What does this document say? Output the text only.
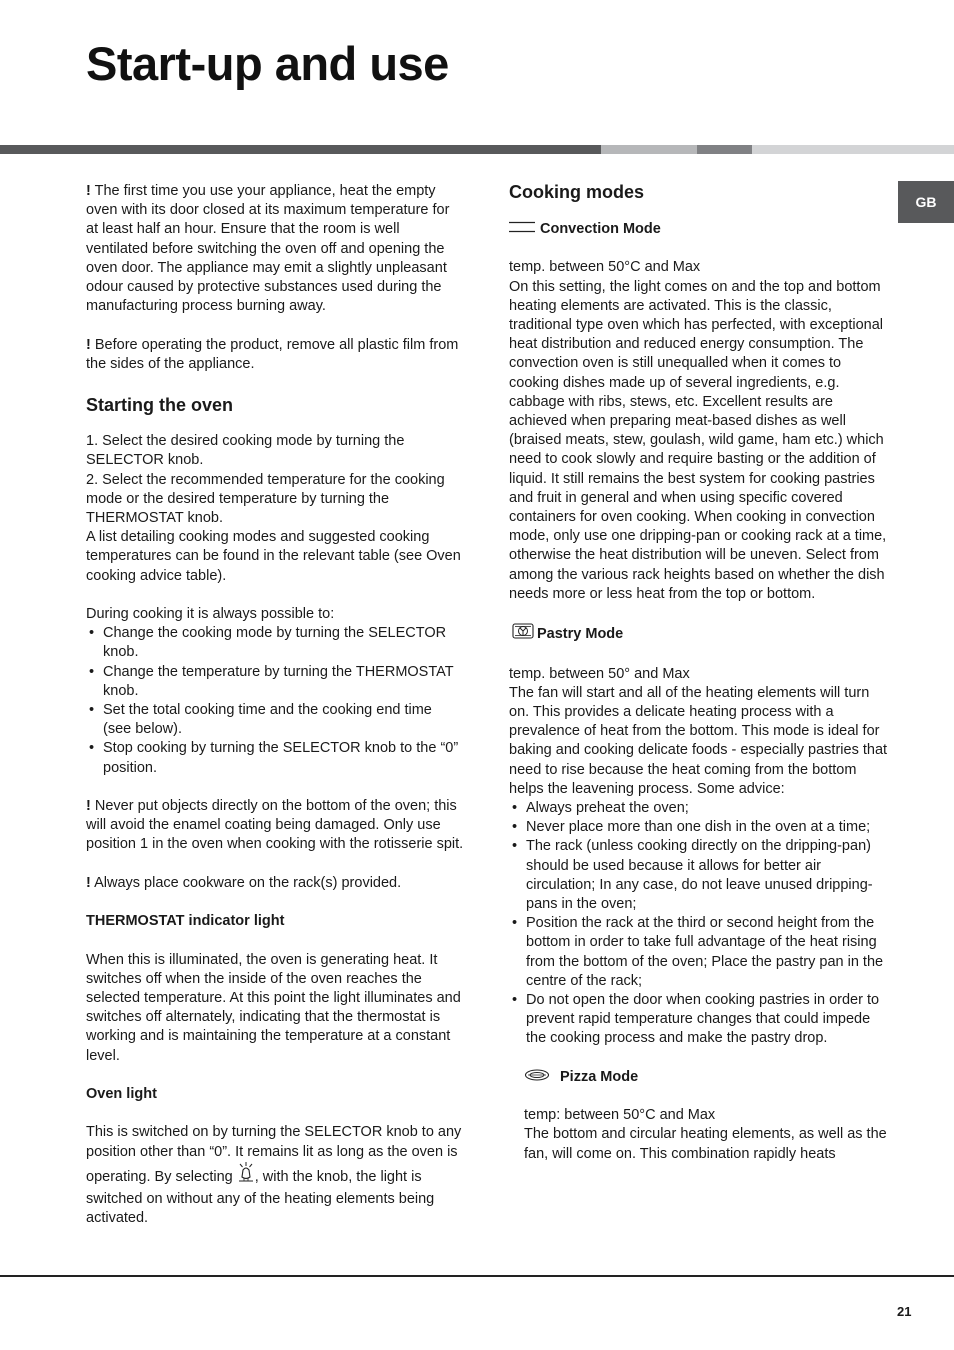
Start-up and use
GB

! The first time you use your appliance, heat the empty oven with its door closed at its maximum temperature for at least half an hour. Ensure that the room is well ventilated before switching the oven off and opening the oven door. The appliance may emit a slightly unpleasant odour caused by protective substances used during the manufacturing process burning away.

! Before operating the product, remove all plastic film from the sides of the appliance.

Starting the oven

1. Select the desired cooking mode by turning the SELECTOR knob.

2. Select the recommended temperature for the cooking mode or the desired temperature by turning the THERMOSTAT knob.

A list detailing cooking modes and suggested cooking temperatures can be found in the relevant table (see Oven cooking advice table).

During cooking it is always possible to:

• Change the cooking mode by turning the SELECTOR knob.
• Change the temperature by turning the THERMOSTAT knob.
• Set the total cooking time and the cooking end time (see below).
• Stop cooking by turning the SELECTOR knob to the “0” position.

! Never put objects directly on the bottom of the oven; this will avoid the enamel coating being damaged. Only use position 1 in the oven when cooking with the rotisserie spit.

! Always place cookware on the rack(s) provided.

THERMOSTAT indicator light

When this is illuminated, the oven is generating heat. It switches off when the inside of the oven reaches the selected temperature. At this point the light illuminates and switches off alternately, indicating that the thermostat is working and is maintaining the temperature at a constant level.

Oven light

This is switched on by turning the SELECTOR knob to any position other than “0”. It remains lit as long as the oven is operating. By selecting , with the knob, the light is switched on without any of the heating elements being activated.

Cooking modes
Convection Mode

temp. between 50°C and Max

On this setting, the light comes on and the top and bottom heating elements are activated. This is the classic, traditional type oven which has perfected, with exceptional heat distribution and reduced energy consumption. The convection oven is still unequalled when it comes to cooking dishes made up of several ingredients, e.g. cabbage with ribs, stews, etc. Excellent results are achieved when preparing meat-based dishes as well (braised meats, stew, goulash, wild game, ham etc.) which need to cook slowly and require basting or the addition of liquid. It still remains the best system for cooking pastries and fruit in general and when using specific covered containers for oven cooking. When cooking in convection mode, only use one dripping-pan or cooking rack at a time, otherwise the heat distribution will be uneven. Select from among the various rack heights based on whether the dish needs more or less heat from the top or bottom.

Pastry Mode

temp. between 50° and Max

The fan will start and all of the heating elements will turn on. This provides a delicate heating process with a prevalence of heat from the bottom. This mode is ideal for baking and cooking delicate foods - especially pastries that need to rise because the heat coming from the bottom helps the leavening process. Some advice:

• Always preheat the oven;
• Never place more than one dish in the oven at a time;
• The rack (unless cooking directly on the dripping-pan) should be used because it allows for better air circulation; In any case, do not leave unused dripping-pans in the oven;
• Position the rack at the third or second height from the bottom in order to take full advantage of the heat rising from the bottom of the oven; Place the pastry pan in the centre of the rack;
• Do not open the door when cooking pastries in order to prevent rapid temperature changes that could impede the cooking process and make the pastry drop.
Pizza Mode

temp: between 50°C and Max

The bottom and circular heating elements, as well as the fan, will come on. This combination rapidly heats

21
